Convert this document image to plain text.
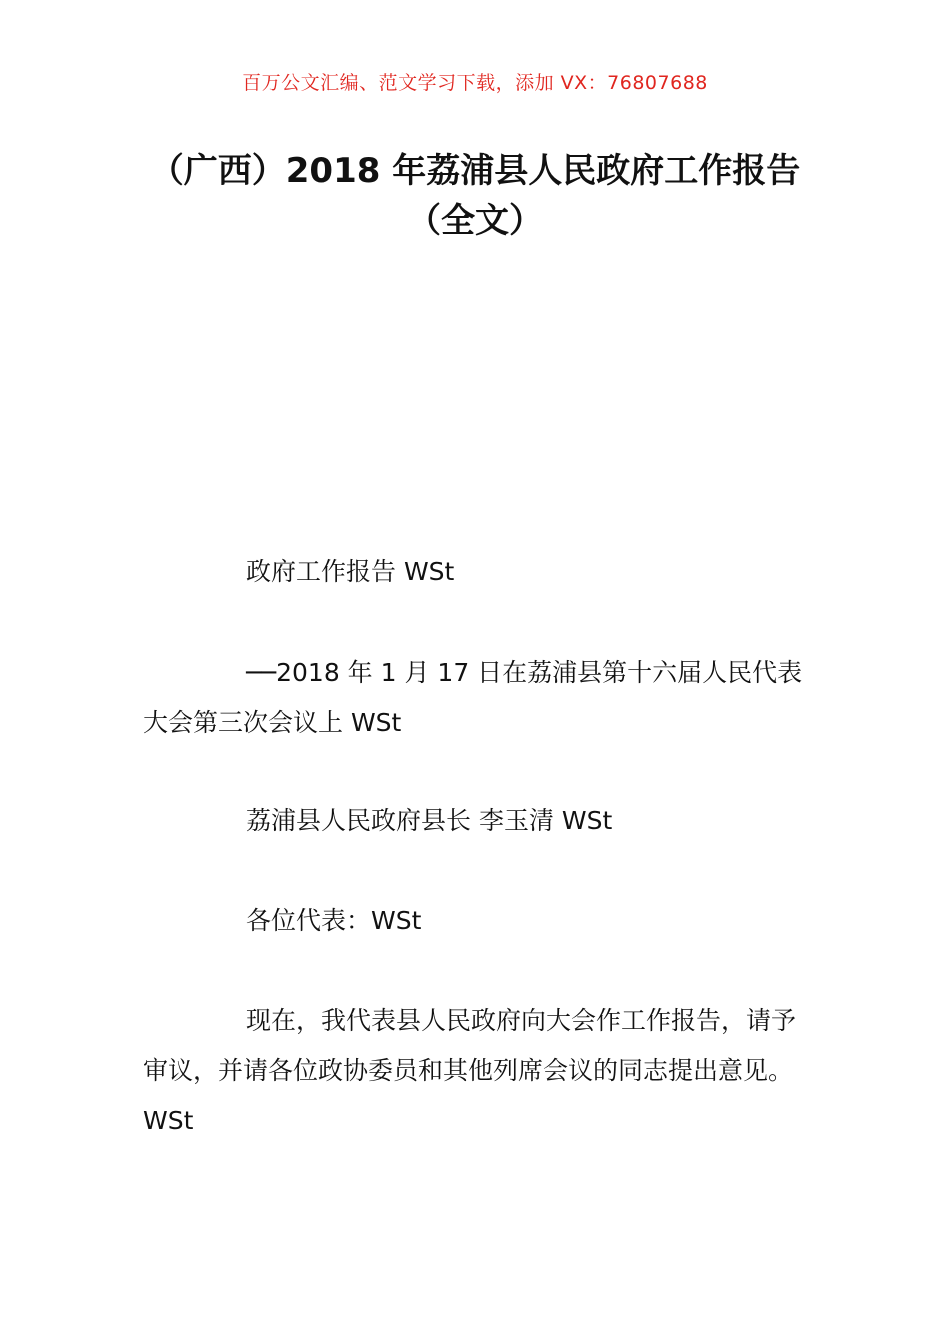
百万公文汇编、范文学习下载，添加 VX：76807688
（广西）2018 年荔浦县人民政府工作报告（全文）

政府工作报告 WSt

──2018 年 1 月 17 日在荔浦县第十六届人民代表大会第三次会议上 WSt

荔浦县人民政府县长 李玉清 WSt

各位代表：WSt

现在，我代表县人民政府向大会作工作报告，请予审议，并请各位政协委员和其他列席会议的同志提出意见。WSt
